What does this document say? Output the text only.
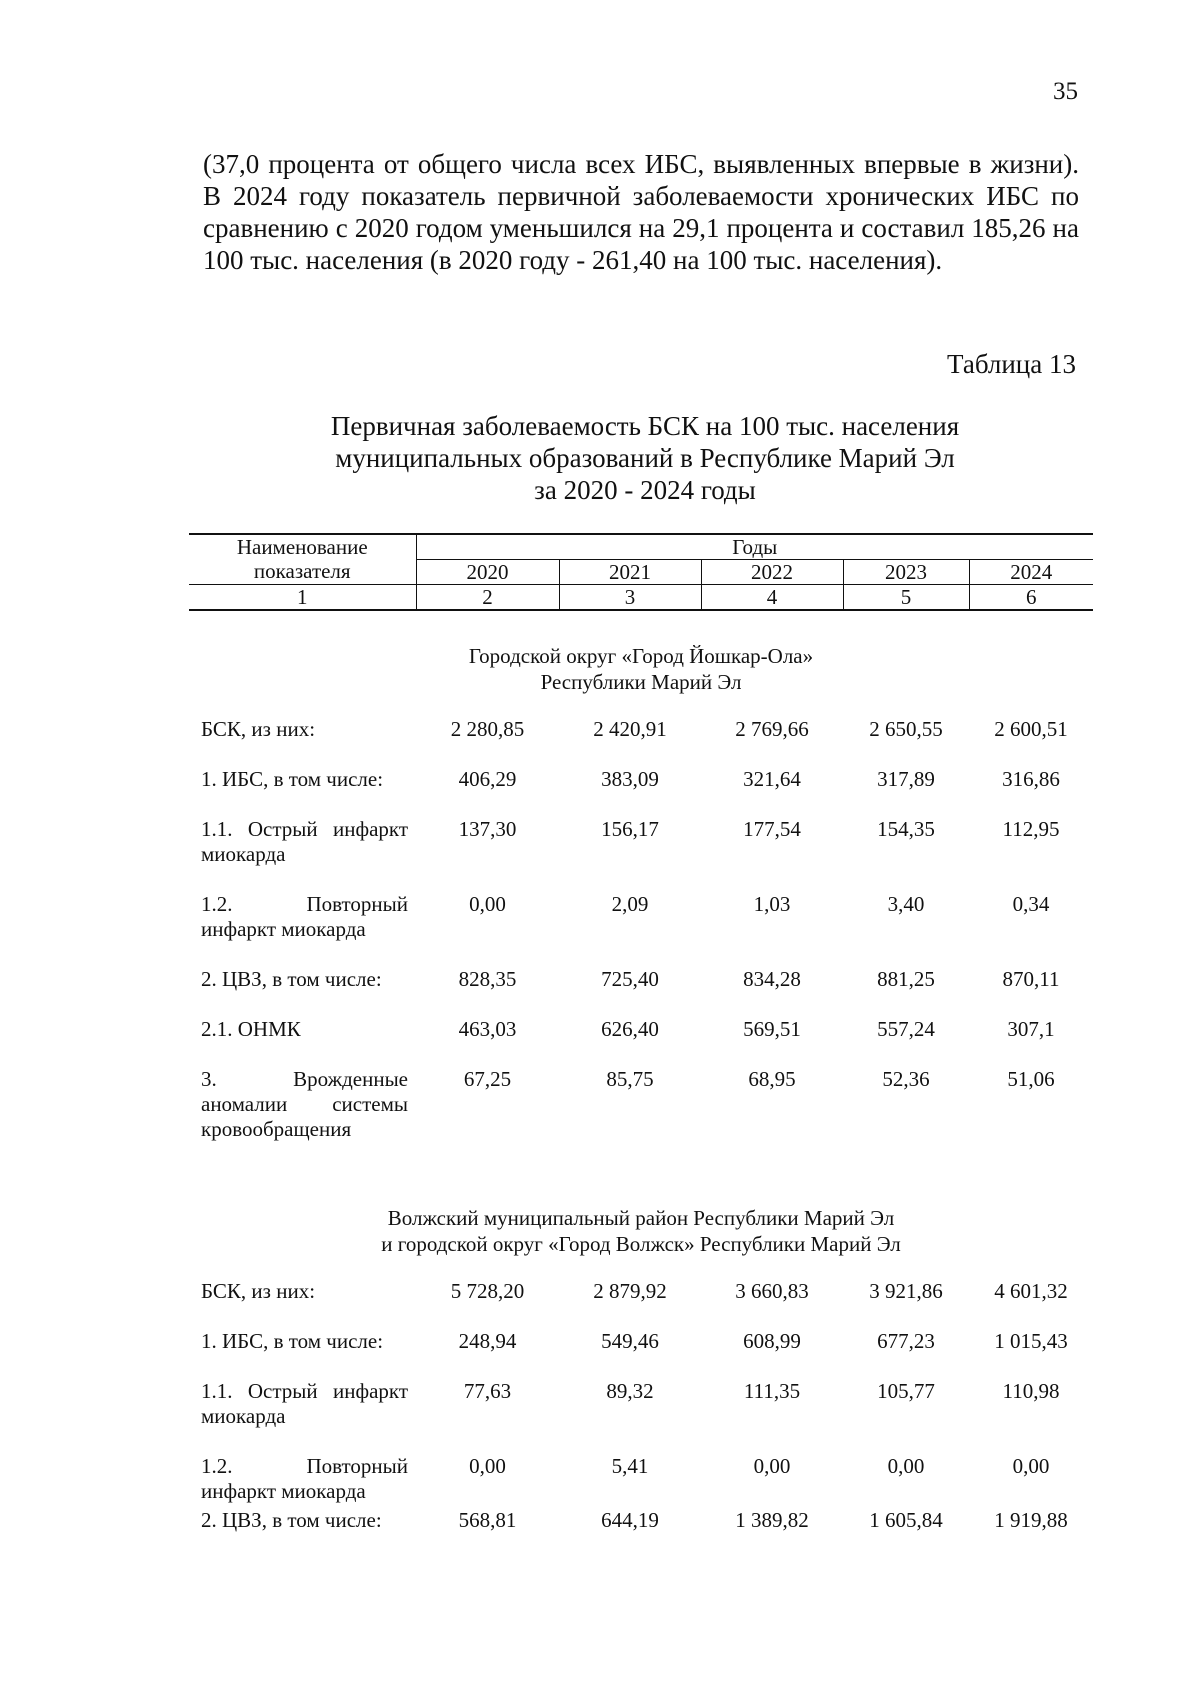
35

(37,0 процента от общего числа всех ИБС, выявленных впервые в жизни). В 2024 году показатель первичной заболеваемости хронических ИБС по сравнению с 2020 годом уменьшился на 29,1 процента и составил 185,26 на 100 тыс. населения (в 2020 году - 261,40 на 100 тыс. населения).

Таблица 13
Первичная заболеваемость БСК на 100 тыс. населения
муниципальных образований в Республике Марий Эл
за 2020 - 2024 годы
Наименование
показателя	Годы				
	2020	2021	2022	2023	2024
1	2	3	4	5	6

Городской округ «Город Йошкар-Ола»
Республики Марий Эл					

БСК, из них:	2 280,85	2 420,91	2 769,66	2 650,55	2 600,51
1. ИБС, в том числе:	406,29	383,09	321,64	317,89	316,86
1.1. Острый инфаркт миокарда	137,30	156,17	177,54	154,35	112,95
1.2. Повторный инфаркт миокарда	0,00	2,09	1,03	3,40	0,34
2. ЦВЗ, в том числе:	828,35	725,40	834,28	881,25	870,11
2.1. ОНМК	463,03	626,40	569,51	557,24	307,1
3. Врожденные аномалии системы кровообращения	67,25	85,75	68,95	52,36	51,06

Волжский муниципальный район Республики Марий Эл
и городской округ «Город Волжск» Республики Марий Эл					

БСК, из них:	5 728,20	2 879,92	3 660,83	3 921,86	4 601,32
1. ИБС, в том числе:	248,94	549,46	608,99	677,23	1 015,43
1.1. Острый инфаркт миокарда	77,63	89,32	111,35	105,77	110,98
1.2. Повторный инфаркт миокарда	0,00	5,41	0,00	0,00	0,00
2. ЦВЗ, в том числе:	568,81	644,19	1 389,82	1 605,84	1 919,88
